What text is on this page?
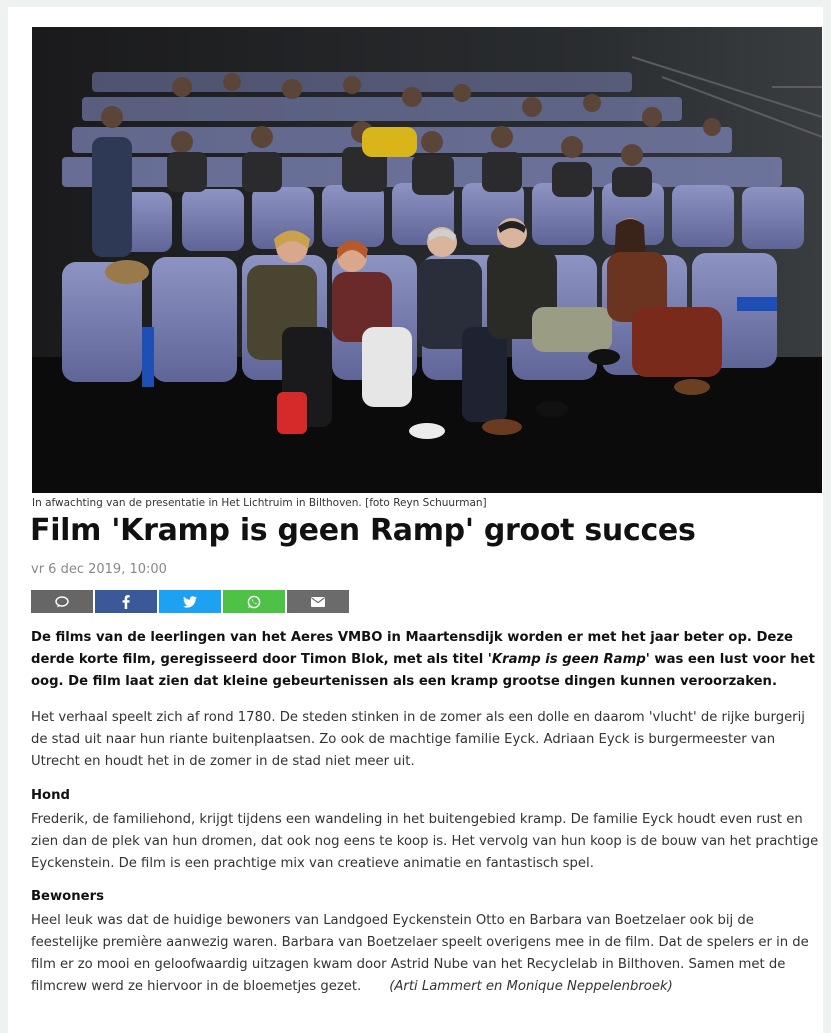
In afwachting van de presentatie in Het Lichtruim in Bilthoven. [foto Reyn Schuurman]
Film 'Kramp is geen Ramp' groot succes
vr 6 dec 2019, 10:00

De films van de leerlingen van het Aeres VMBO in Maartensdijk worden er met het jaar beter op. Deze derde korte film, geregisseerd door Timon Blok, met als titel 'Kramp is geen Ramp' was een lust voor het oog. De film laat zien dat kleine gebeurtenissen als een kramp grootse dingen kunnen veroorzaken.

Het verhaal speelt zich af rond 1780. De steden stinken in de zomer als een dolle en daarom 'vlucht' de rijke burgerij de stad uit naar hun riante buitenplaatsen. Zo ook de machtige familie Eyck. Adriaan Eyck is burgermeester van Utrecht en houdt het in de zomer in de stad niet meer uit.

Hond

Frederik, de familiehond, krijgt tijdens een wandeling in het buitengebied kramp. De familie Eyck houdt even rust en zien dan de plek van hun dromen, dat ook nog eens te koop is. Het vervolg van hun koop is de bouw van het prachtige Eyckenstein. De film is een prachtige mix van creatieve animatie en fantastisch spel.

Bewoners

Heel leuk was dat de huidige bewoners van Landgoed Eyckenstein Otto en Barbara van Boetzelaer ook bij de feestelijke première aanwezig waren. Barbara van Boetzelaer speelt overigens mee in de film. Dat de spelers er in de film er zo mooi en geloofwaardig uitzagen kwam door Astrid Nube van het Recyclelab in Bilthoven. Samen met de filmcrew werd ze hiervoor in de bloemetjes gezet. (Arti Lammert en Monique Neppelenbroek)
